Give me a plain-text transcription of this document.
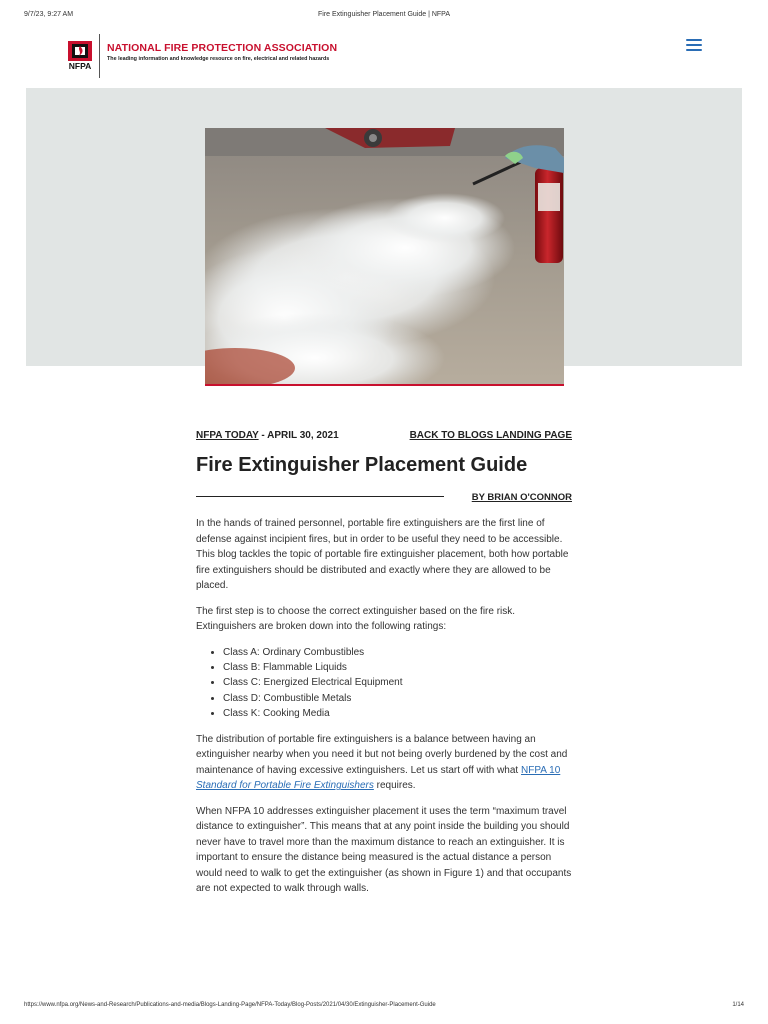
9/7/23, 9:27 AM	Fire Extinguisher Placement Guide | NFPA
NFPA
NATIONAL FIRE PROTECTION ASSOCIATION
The leading information and knowledge resource on fire, electrical and related hazards
NFPA TODAY - APRIL 30, 2021	BACK TO BLOGS LANDING PAGE
Fire Extinguisher Placement Guide
BY BRIAN O'CONNOR

In the hands of trained personnel, portable fire extinguishers are the first line of defense against incipient fires, but in order to be useful they need to be accessible. This blog tackles the topic of portable fire extinguisher placement, both how portable fire extinguishers should be distributed and exactly where they are allowed to be placed.

The first step is to choose the correct extinguisher based on the fire risk. Extinguishers are broken down into the following ratings:

• Class A: Ordinary Combustibles
• Class B: Flammable Liquids
• Class C: Energized Electrical Equipment
• Class D: Combustible Metals
• Class K: Cooking Media

The distribution of portable fire extinguishers is a balance between having an extinguisher nearby when you need it but not being overly burdened by the cost and maintenance of having excessive extinguishers. Let us start off with what NFPA 10 Standard for Portable Fire Extinguishers requires.

When NFPA 10 addresses extinguisher placement it uses the term “maximum travel distance to extinguisher”. This means that at any point inside the building you should never have to travel more than the maximum distance to reach an extinguisher. It is important to ensure the distance being measured is the actual distance a person would need to walk to get the extinguisher (as shown in Figure 1) and that occupants are not expected to walk through walls.

https://www.nfpa.org/News-and-Research/Publications-and-media/Blogs-Landing-Page/NFPA-Today/Blog-Posts/2021/04/30/Extinguisher-Placement-Guide	1/14
